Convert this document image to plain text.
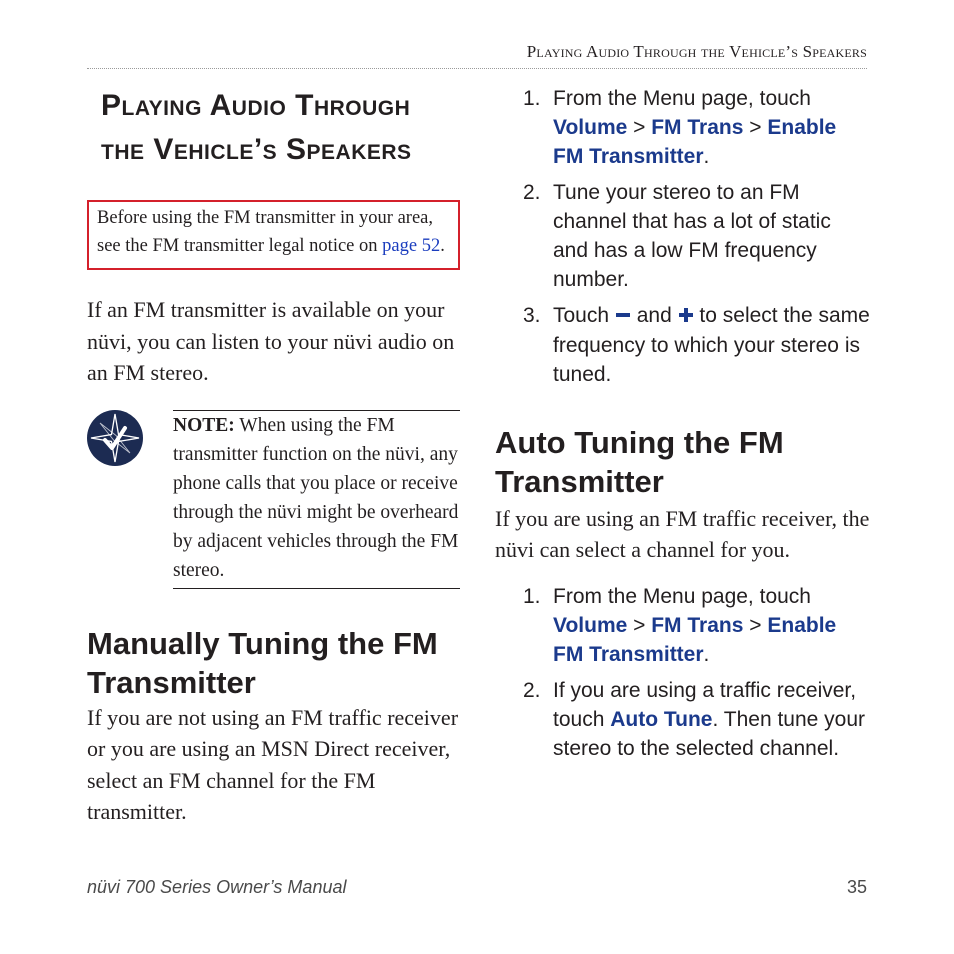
Playing Audio Through the Vehicle’s Speakers
Playing Audio Through
the Vehicle’s Speakers
Before using the FM transmitter in your area, see the FM transmitter legal notice on page 52.

If an FM transmitter is available on your nüvi, you can listen to your nüvi audio on an FM stereo.

NOTE: When using the FM transmitter function on the nüvi, any phone calls that you place or receive through the nüvi might be overheard by adjacent vehicles through the FM stereo.
Manually Tuning the FM Transmitter

If you are not using an FM traffic receiver or you are using an MSN Direct receiver, select an FM channel for the FM transmitter.

1. From the Menu page, touch Volume > FM Trans > Enable FM Transmitter.
2. Tune your stereo to an FM channel that has a lot of static and has a low FM frequency number.
3. Touch  and  to select the same frequency to which your stereo is tuned.
Auto Tuning the FM Transmitter

If you are using an FM traffic receiver, the nüvi can select a channel for you.

1. From the Menu page, touch Volume > FM Trans > Enable FM Transmitter.
2. If you are using a traffic receiver, touch Auto Tune. Then tune your stereo to the selected channel.
nüvi 700 Series Owner’s Manual	35
